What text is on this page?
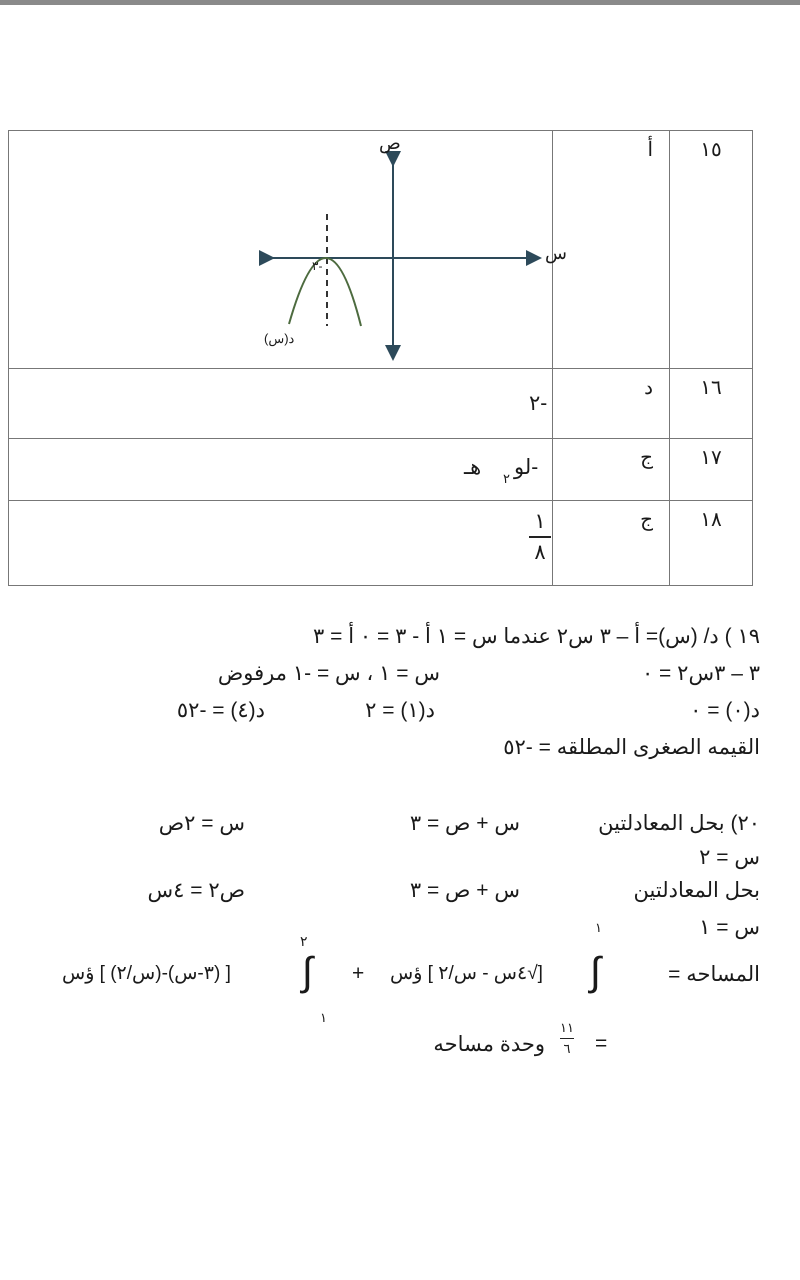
١٥	أ	ص
س
-٣
د(س)

١٦	د	-٢

١٧	ج	-لو
٢
هـ

١٨	ج	١
٨
١٩ ) د/ (س)= أ – ٣ س٢ عندما س = ١ أ - ٣ = ٠ أ = ٣
٣ – ٣س٢ = ٠
س = ١ ، س = -١ مرفوض
د(٠) = ٠
د(١) = ٢
د(٤) = -٥٢
القيمه الصغرى المطلقه = -٥٢
٢٠) بحل المعادلتين
س + ص = ٣
س = ٢ص
س = ٢
بحل المعادلتين
س + ص = ٣
ص٢ = ٤س
س = ١
المساحه =
∫
١
[√٤س - س/٢ ] ؤس
+
∫
٢
١
[ (٣-س)-(س/٢) ] ؤس
=
١١
٦
وحدة مساحه
